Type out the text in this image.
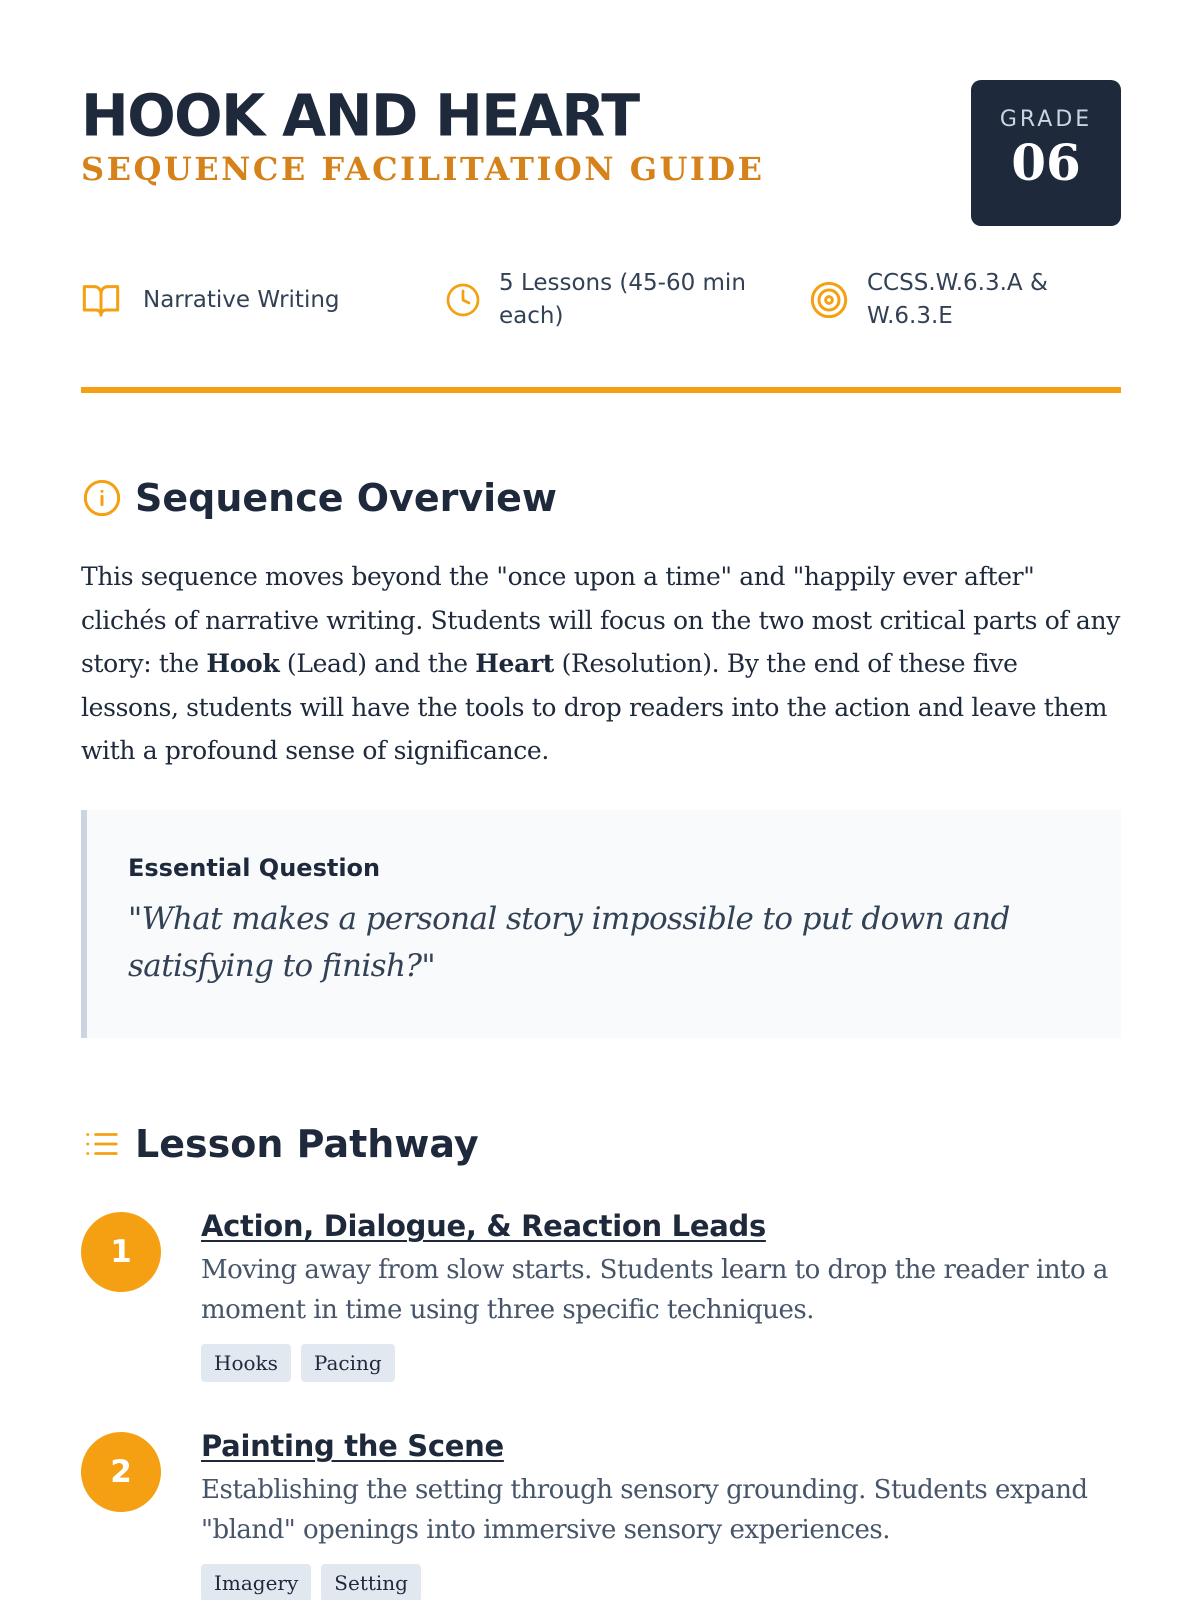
HOOK AND HEART
SEQUENCE FACILITATION GUIDE
GRADE
06
Narrative Writing
5 Lessons (45-60 min each)
CCSS.W.6.3.A & W.6.3.E
Sequence Overview

This sequence moves beyond the "once upon a time" and "happily ever after" clichés of narrative writing. Students will focus on the two most critical parts of any story: the Hook (Lead) and the Heart (Resolution). By the end of these five lessons, students will have the tools to drop readers into the action and leave them with a profound sense of significance.

Essential Question
"What makes a personal story impossible to put down and satisfying to finish?"
Lesson Pathway
1
Action, Dialogue, & Reaction Leads

Moving away from slow starts. Students learn to drop the reader into a moment in time using three specific techniques.

Hooks	Pacing
2
Painting the Scene

Establishing the setting through sensory grounding. Students expand "bland" openings into immersive sensory experiences.

Imagery	Setting
